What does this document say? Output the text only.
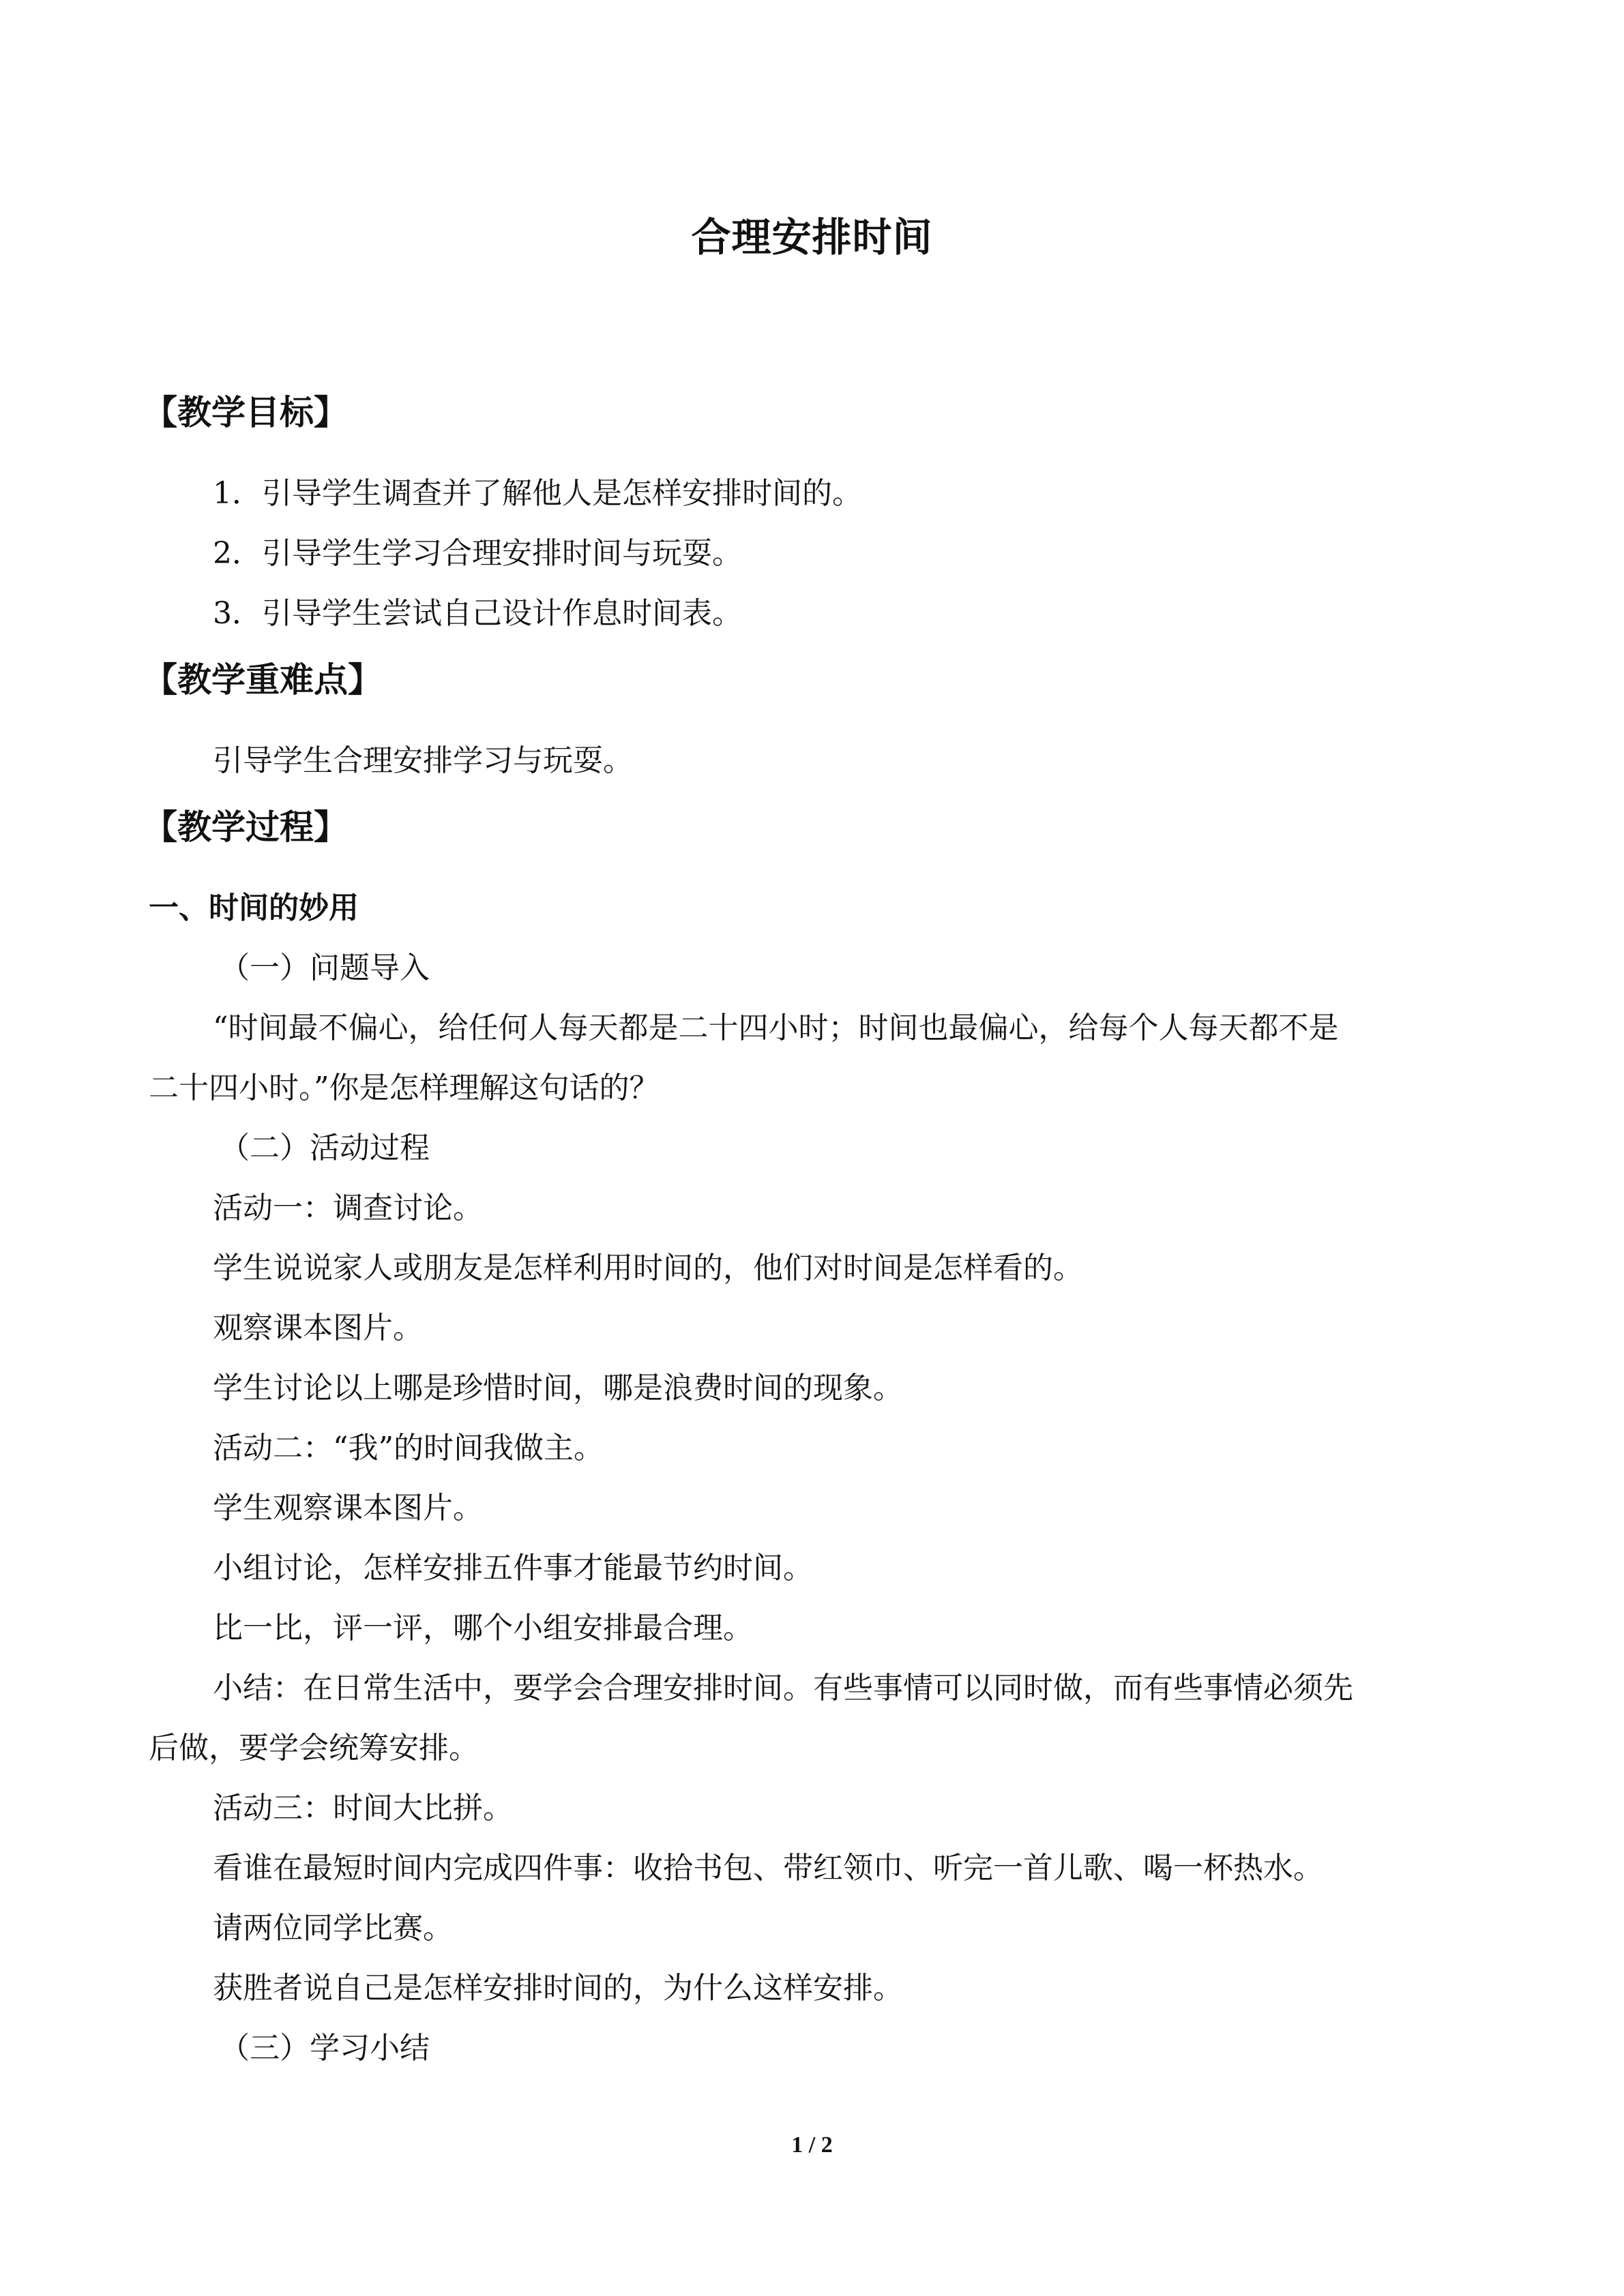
合理安排时间
【教学目标】
1．引导学生调查并了解他人是怎样安排时间的。
2．引导学生学习合理安排时间与玩耍。
3．引导学生尝试自己设计作息时间表。
【教学重难点】
引导学生合理安排学习与玩耍。
【教学过程】
一、时间的妙用
（一）问题导入
“时间最不偏心，给任何人每天都是二十四小时；时间也最偏心，给每个人每天都不是
二十四小时。”你是怎样理解这句话的？
（二）活动过程
活动一：调查讨论。
学生说说家人或朋友是怎样利用时间的，他们对时间是怎样看的。
观察课本图片。
学生讨论以上哪是珍惜时间，哪是浪费时间的现象。
活动二：“我”的时间我做主。
学生观察课本图片。
小组讨论，怎样安排五件事才能最节约时间。
比一比，评一评，哪个小组安排最合理。
小结：在日常生活中，要学会合理安排时间。有些事情可以同时做，而有些事情必须先
后做，要学会统筹安排。
活动三：时间大比拼。
看谁在最短时间内完成四件事：收拾书包、带红领巾、听完一首儿歌、喝一杯热水。
请两位同学比赛。
获胜者说自己是怎样安排时间的，为什么这样安排。
（三）学习小结
1 / 2
